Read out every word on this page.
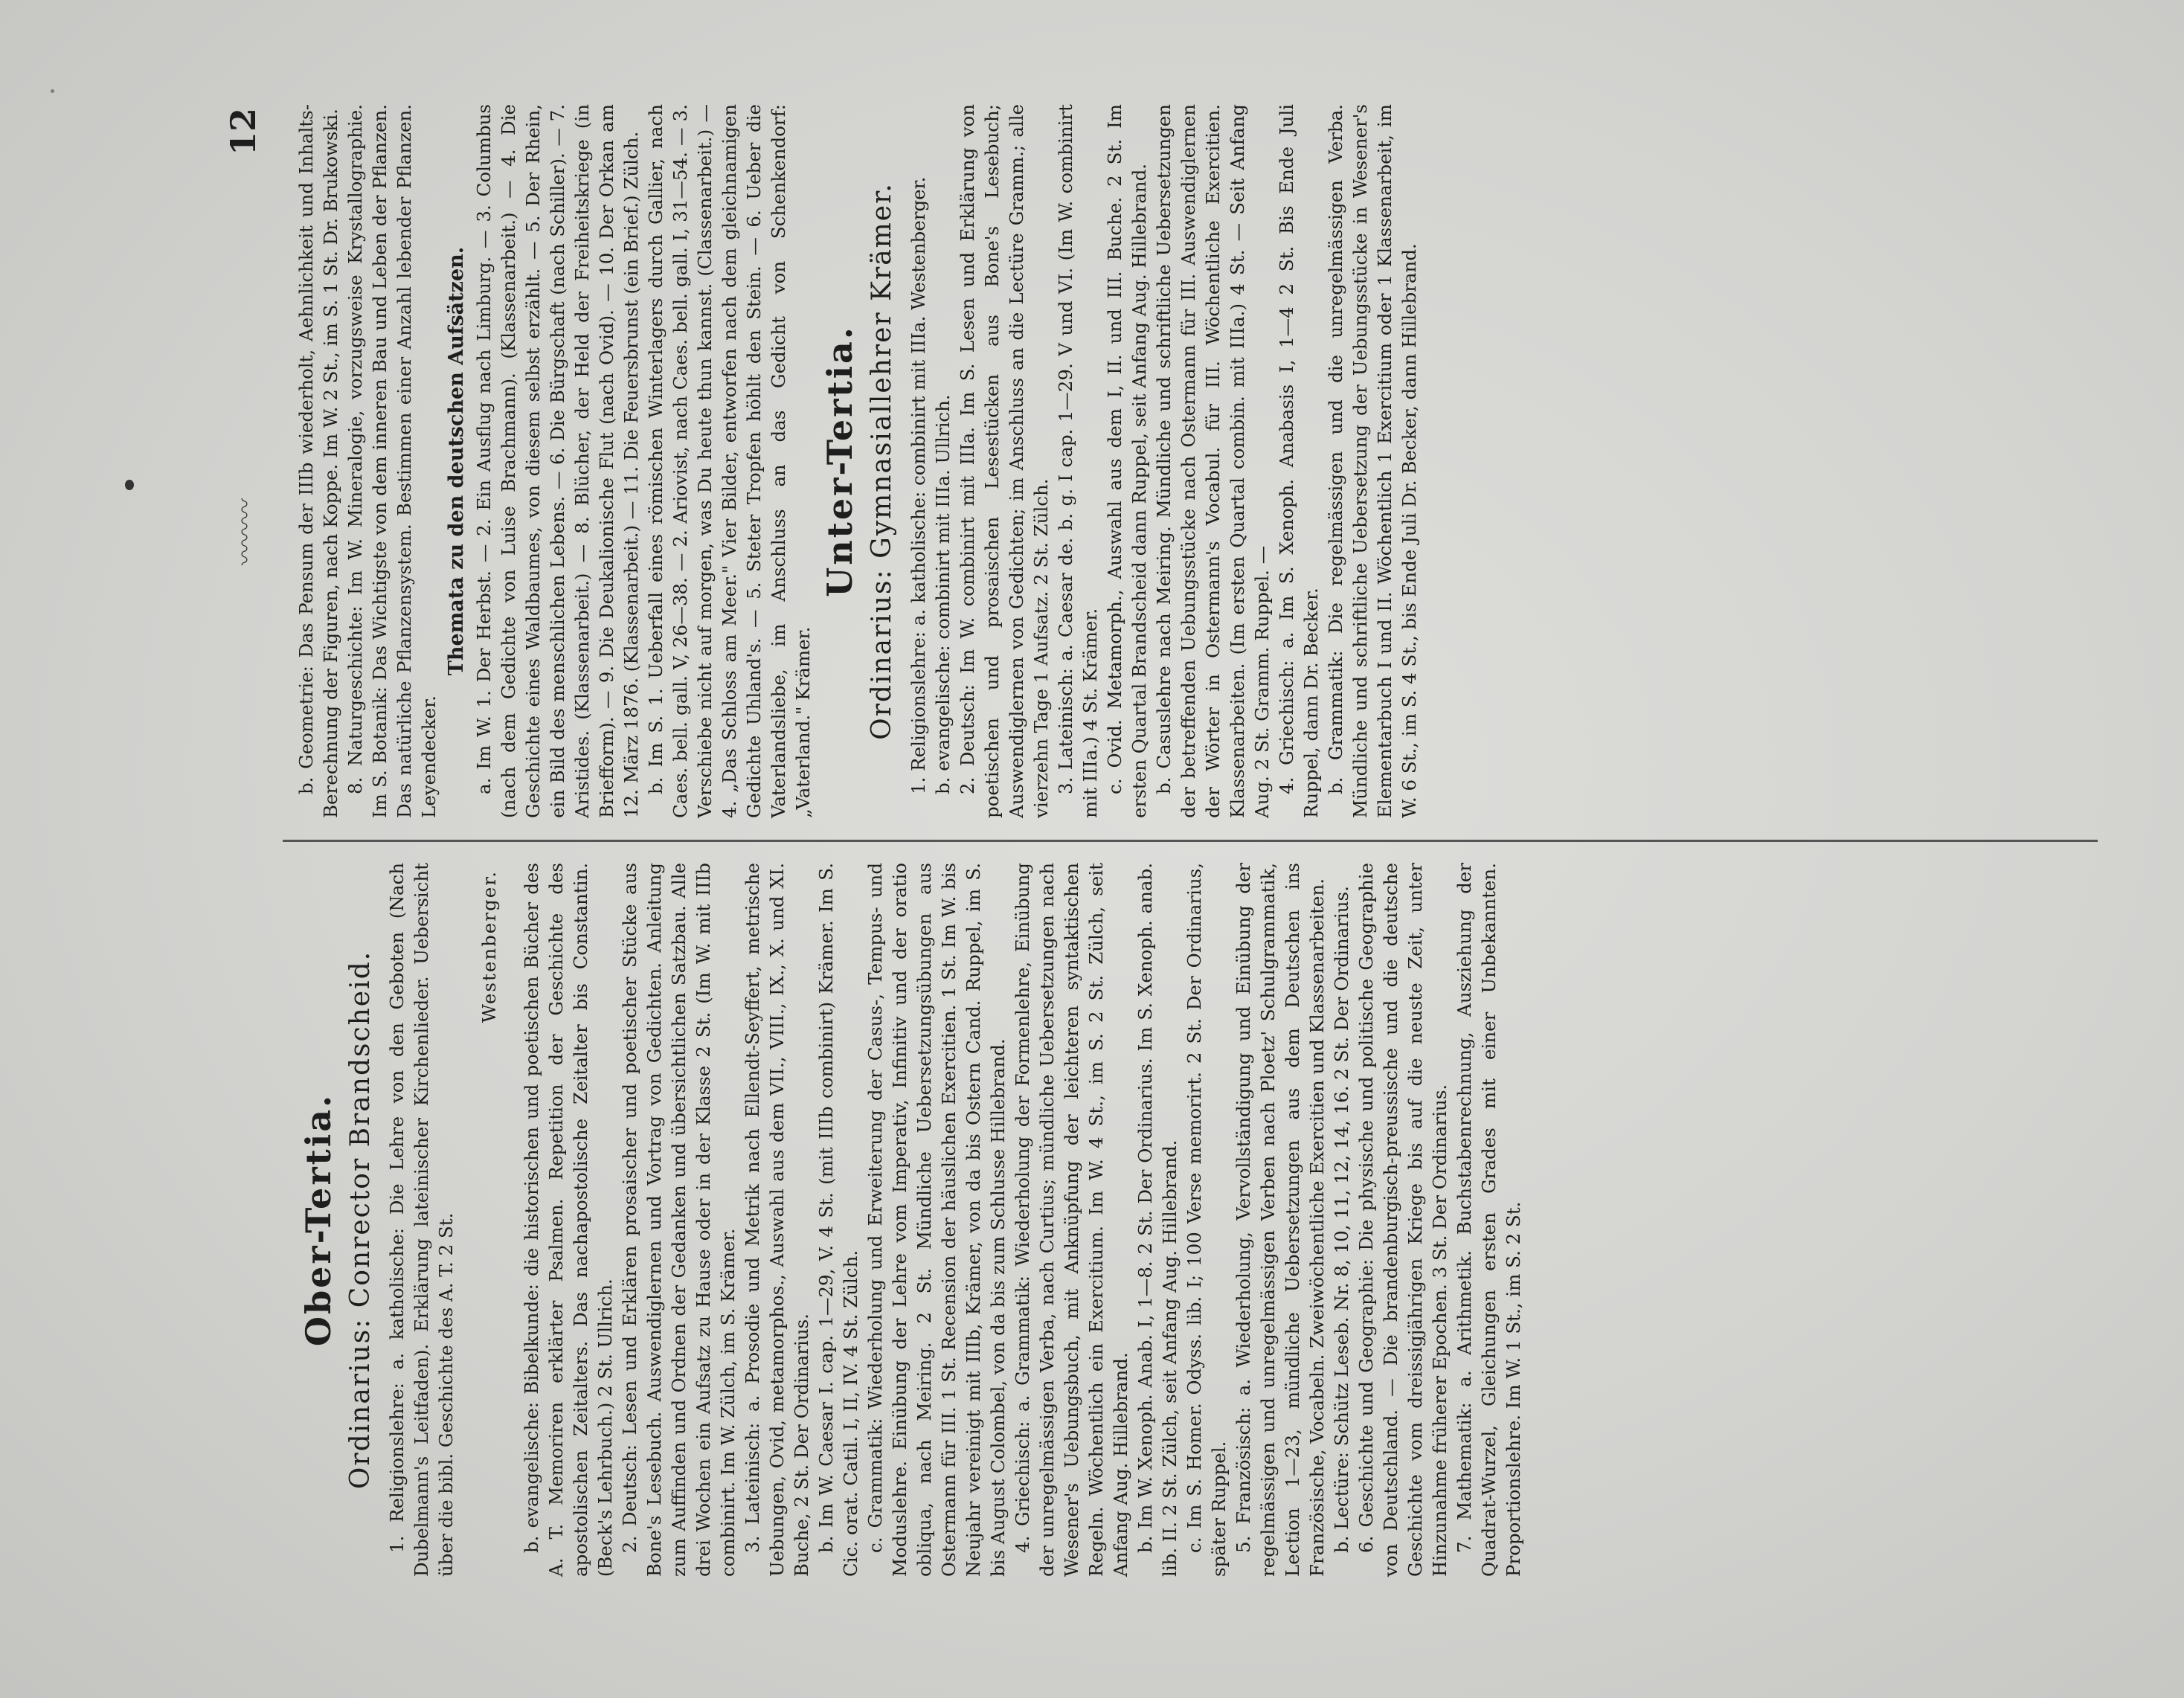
〰〰〰
12
Ober-Tertia. Ordinarius: Conrector Brandscheid. 1. Religionslehre: a. katholische: Die Lehre von den Geboten (Nach Dubelmann's Leitfaden). Erklärung lateinischer Kirchenlieder. Uebersicht über die bibl. Geschichte des A. T. 2 St.

Westenberger. b. evangelische: Bibelkunde: die historischen und poetischen Bücher des A. T. Memoriren erklärter Psalmen. Repetition der Geschichte des apostolischen Zeitalters. Das nachapostolische Zeitalter bis Constantin. (Beck's Lehrbuch.) 2 St. Ullrich. 2. Deutsch: Lesen und Erklären prosaischer und poetischer Stücke aus Bone's Lesebuch. Auswendiglernen und Vortrag von Gedichten. Anleitung zum Auffinden und Ordnen der Gedanken und übersichtlichen Satzbau. Alle drei Wochen ein Aufsatz zu Hause oder in der Klasse 2 St. (Im W. mit IIIb combinirt. Im W. Zülch, im S. Krämer. 3. Lateinisch: a. Prosodie und Metrik nach Ellendt-Seyffert, metrische Uebungen, Ovid, metamorphos., Auswahl aus dem VII., VIII., IX., X. und XI. Buche, 2 St. Der Ordinarius. b. Im W. Caesar I. cap. 1—29, V. 4 St. (mit IIIb combinirt) Krämer. Im S. Cic. orat. Catil. I, II, IV. 4 St. Zülch. c. Grammatik: Wiederholung und Erweiterung der Casus-, Tempus- und Moduslehre. Einübung der Lehre vom Imperativ, Infinitiv und der oratio obliqua, nach Meiring. 2 St. Mündliche Uebersetzungsübungen aus Ostermann für III. 1 St. Recension der häuslichen Exercitien. 1 St. Im W. bis Neujahr vereinigt mit IIIb, Krämer, von da bis Ostern Cand. Ruppel, im S. bis August Colombel, von da bis zum Schlusse Hillebrand. 4. Griechisch: a. Grammatik: Wiederholung der Formenlehre, Einübung der unregelmässigen Verba, nach Curtius; mündliche Uebersetzungen nach Wesener's Uebungsbuch, mit Anknüpfung der leichteren syntaktischen Regeln. Wöchentlich ein Exercitium. Im W. 4 St., im S. 2 St. Zülch, seit Anfang Aug. Hillebrand. b. Im W. Xenoph. Anab. I, 1—8. 2 St. Der Ordinarius. Im S. Xenoph. anab. lib. II. 2 St. Zülch, seit Anfang Aug. Hillebrand. c. Im S. Homer. Odyss. lib. I; 100 Verse memorirt. 2 St. Der Ordinarius, später Ruppel. 5. Französisch: a. Wiederholung, Vervollständigung und Einübung der regelmässigen und unregelmässigen Verben nach Ploetz' Schulgrammatik, Lection 1—23, mündliche Uebersetzungen aus dem Deutschen ins Französische, Vocabeln. Zweiwöchentliche Exercitien und Klassenarbeiten. b. Lectüre: Schütz Leseb. Nr. 8, 10, 11, 12, 14, 16. 2 St. Der Ordinarius. 6. Geschichte und Geographie: Die physische und politische Geographie von Deutschland. — Die brandenburgisch-preussische und die deutsche Geschichte vom dreissigjährigen Kriege bis auf die neuste Zeit, unter Hinzunahme früherer Epochen. 3 St. Der Ordinarius. 7. Mathematik: a. Arithmetik. Buchstabenrechnung, Ausziehung der Quadrat-Wurzel, Gleichungen ersten Grades mit einer Unbekannten. Proportionslehre. Im W. 1 St., im S. 2 St.

b. Geometrie: Das Pensum der IIIb wiederholt, Aehnlichkeit und Inhalts-Berechnung der Figuren, nach Koppe. Im W. 2 St., im S. 1 St. Dr. Brukowski. 8. Naturgeschichte: Im W. Mineralogie, vorzugsweise Krystallographie. Im S. Botanik: Das Wichtigste von dem inneren Bau und Leben der Pflanzen. Das natürliche Pflanzensystem. Bestimmen einer Anzahl lebender Pflanzen. Leyendecker.

Themata zu den deutschen Aufsätzen. a. Im W. 1. Der Herbst. — 2. Ein Ausflug nach Limburg. — 3. Columbus (nach dem Gedichte von Luise Brachmann). (Klassenarbeit.) — 4. Die Geschichte eines Waldbaumes, von diesem selbst erzählt. — 5. Der Rhein, ein Bild des menschlichen Lebens. — 6. Die Bürgschaft (nach Schiller). — 7. Aristides. (Klassenarbeit.) — 8. Blücher, der Held der Freiheitskriege (in Briefform). — 9. Die Deukalionische Flut (nach Ovid). — 10. Der Orkan am 12. März 1876. (Klassenarbeit.) — 11. Die Feuersbrunst (ein Brief.) Zülch. b. Im S. 1. Ueberfall eines römischen Winterlagers durch Gallier, nach Caes. bell. gall. V, 26—38. — 2. Ariovist, nach Caes. bell. gall. I, 31—54. — 3. Verschiebe nicht auf morgen, was Du heute thun kannst. (Classenarbeit.) — 4. „Das Schloss am Meer." Vier Bilder, entworfen nach dem gleichnamigen Gedichte Uhland's. — 5. Steter Tropfen höhlt den Stein. — 6. Ueber die Vaterlandsliebe, im Anschluss an das Gedicht von Schenkendorf: „Vaterland." Krämer.

Unter-Tertia. Ordinarius: Gymnasiallehrer Krämer. 1. Religionslehre: a. katholische: combinirt mit IIIa. Westenberger. b. evangelische: combinirt mit IIIa. Ullrich. 2. Deutsch: Im W. combinirt mit IIIa. Im S. Lesen und Erklärung von poetischen und prosaischen Lesestücken aus Bone's Lesebuch; Auswendiglernen von Gedichten; im Anschluss an die Lectüre Gramm.; alle vierzehn Tage 1 Aufsatz. 2 St. Zülch. 3. Lateinisch: a. Caesar de. b. g. I cap. 1—29. V und VI. (Im W. combinirt mit IIIa.) 4 St. Krämer. c. Ovid. Metamorph., Auswahl aus dem I, II. und III. Buche. 2 St. Im ersten Quartal Brandscheid dann Ruppel, seit Anfang Aug. Hillebrand. b. Casuslehre nach Meiring. Mündliche und schriftliche Uebersetzungen der betreffenden Uebungsstücke nach Ostermann für III. Auswendiglernen der Wörter in Ostermann's Vocabul. für III. Wöchentliche Exercitien. Klassenarbeiten. (Im ersten Quartal combin. mit IIIa.) 4 St. — Seit Anfang Aug. 2 St. Gramm. Ruppel. — 4. Griechisch: a. Im S. Xenoph. Anabasis I, 1—4 2 St. Bis Ende Juli Ruppel, dann Dr. Becker. b. Grammatik: Die regelmässigen und die unregelmässigen Verba. Mündliche und schriftliche Uebersetzung der Uebungsstücke in Wesener's Elementarbuch I und II. Wöchentlich 1 Exercitium oder 1 Klassenarbeit, im W. 6 St., im S. 4 St., bis Ende Juli Dr. Becker, dann Hillebrand.
